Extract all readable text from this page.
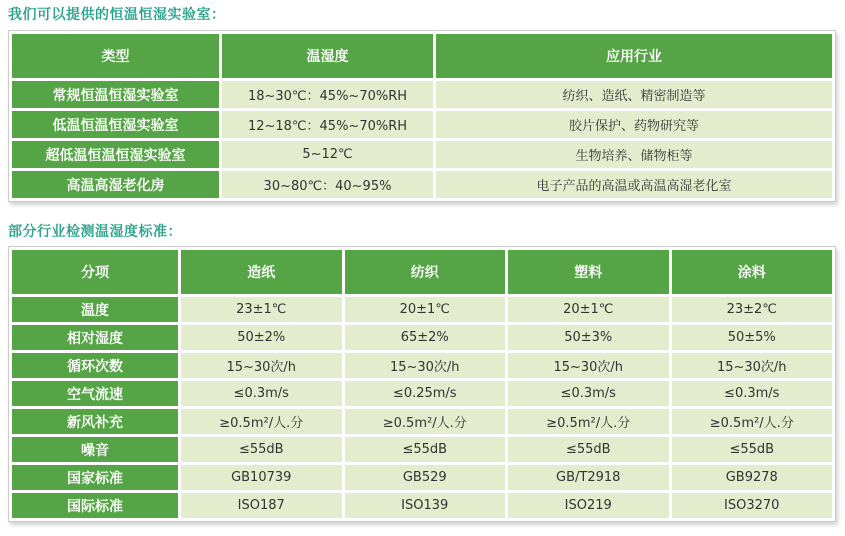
我们可以提供的恒温恒湿实验室：
类型	温湿度	应用行业
常规恒温恒湿实验室	18~30℃：45%~70%RH	纺织、造纸、精密制造等
低温恒温恒湿实验室	12~18℃：45%~70%RH	胶片保护、药物研究等
超低温恒温恒湿实验室	5~12℃	生物培养、储物柜等
高温高湿老化房	30~80℃：40~95%	电子产品的高温或高温高湿老化室
部分行业检测温湿度标准：
分项	造纸	纺织	塑料	涂料
温度	23±1℃	20±1℃	20±1℃	23±2℃
相对湿度	50±2%	65±2%	50±3%	50±5%
循环次数	15~30次/h	15~30次/h	15~30次/h	15~30次/h
空气流速	≤0.3m/s	≤0.25m/s	≤0.3m/s	≤0.3m/s
新风补充	≥0.5m²/人.分	≥0.5m²/人.分	≥0.5m²/人.分	≥0.5m²/人.分
噪音	≤55dB	≤55dB	≤55dB	≤55dB
国家标准	GB10739	GB529	GB/T2918	GB9278
国际标准	ISO187	ISO139	ISO219	ISO3270
